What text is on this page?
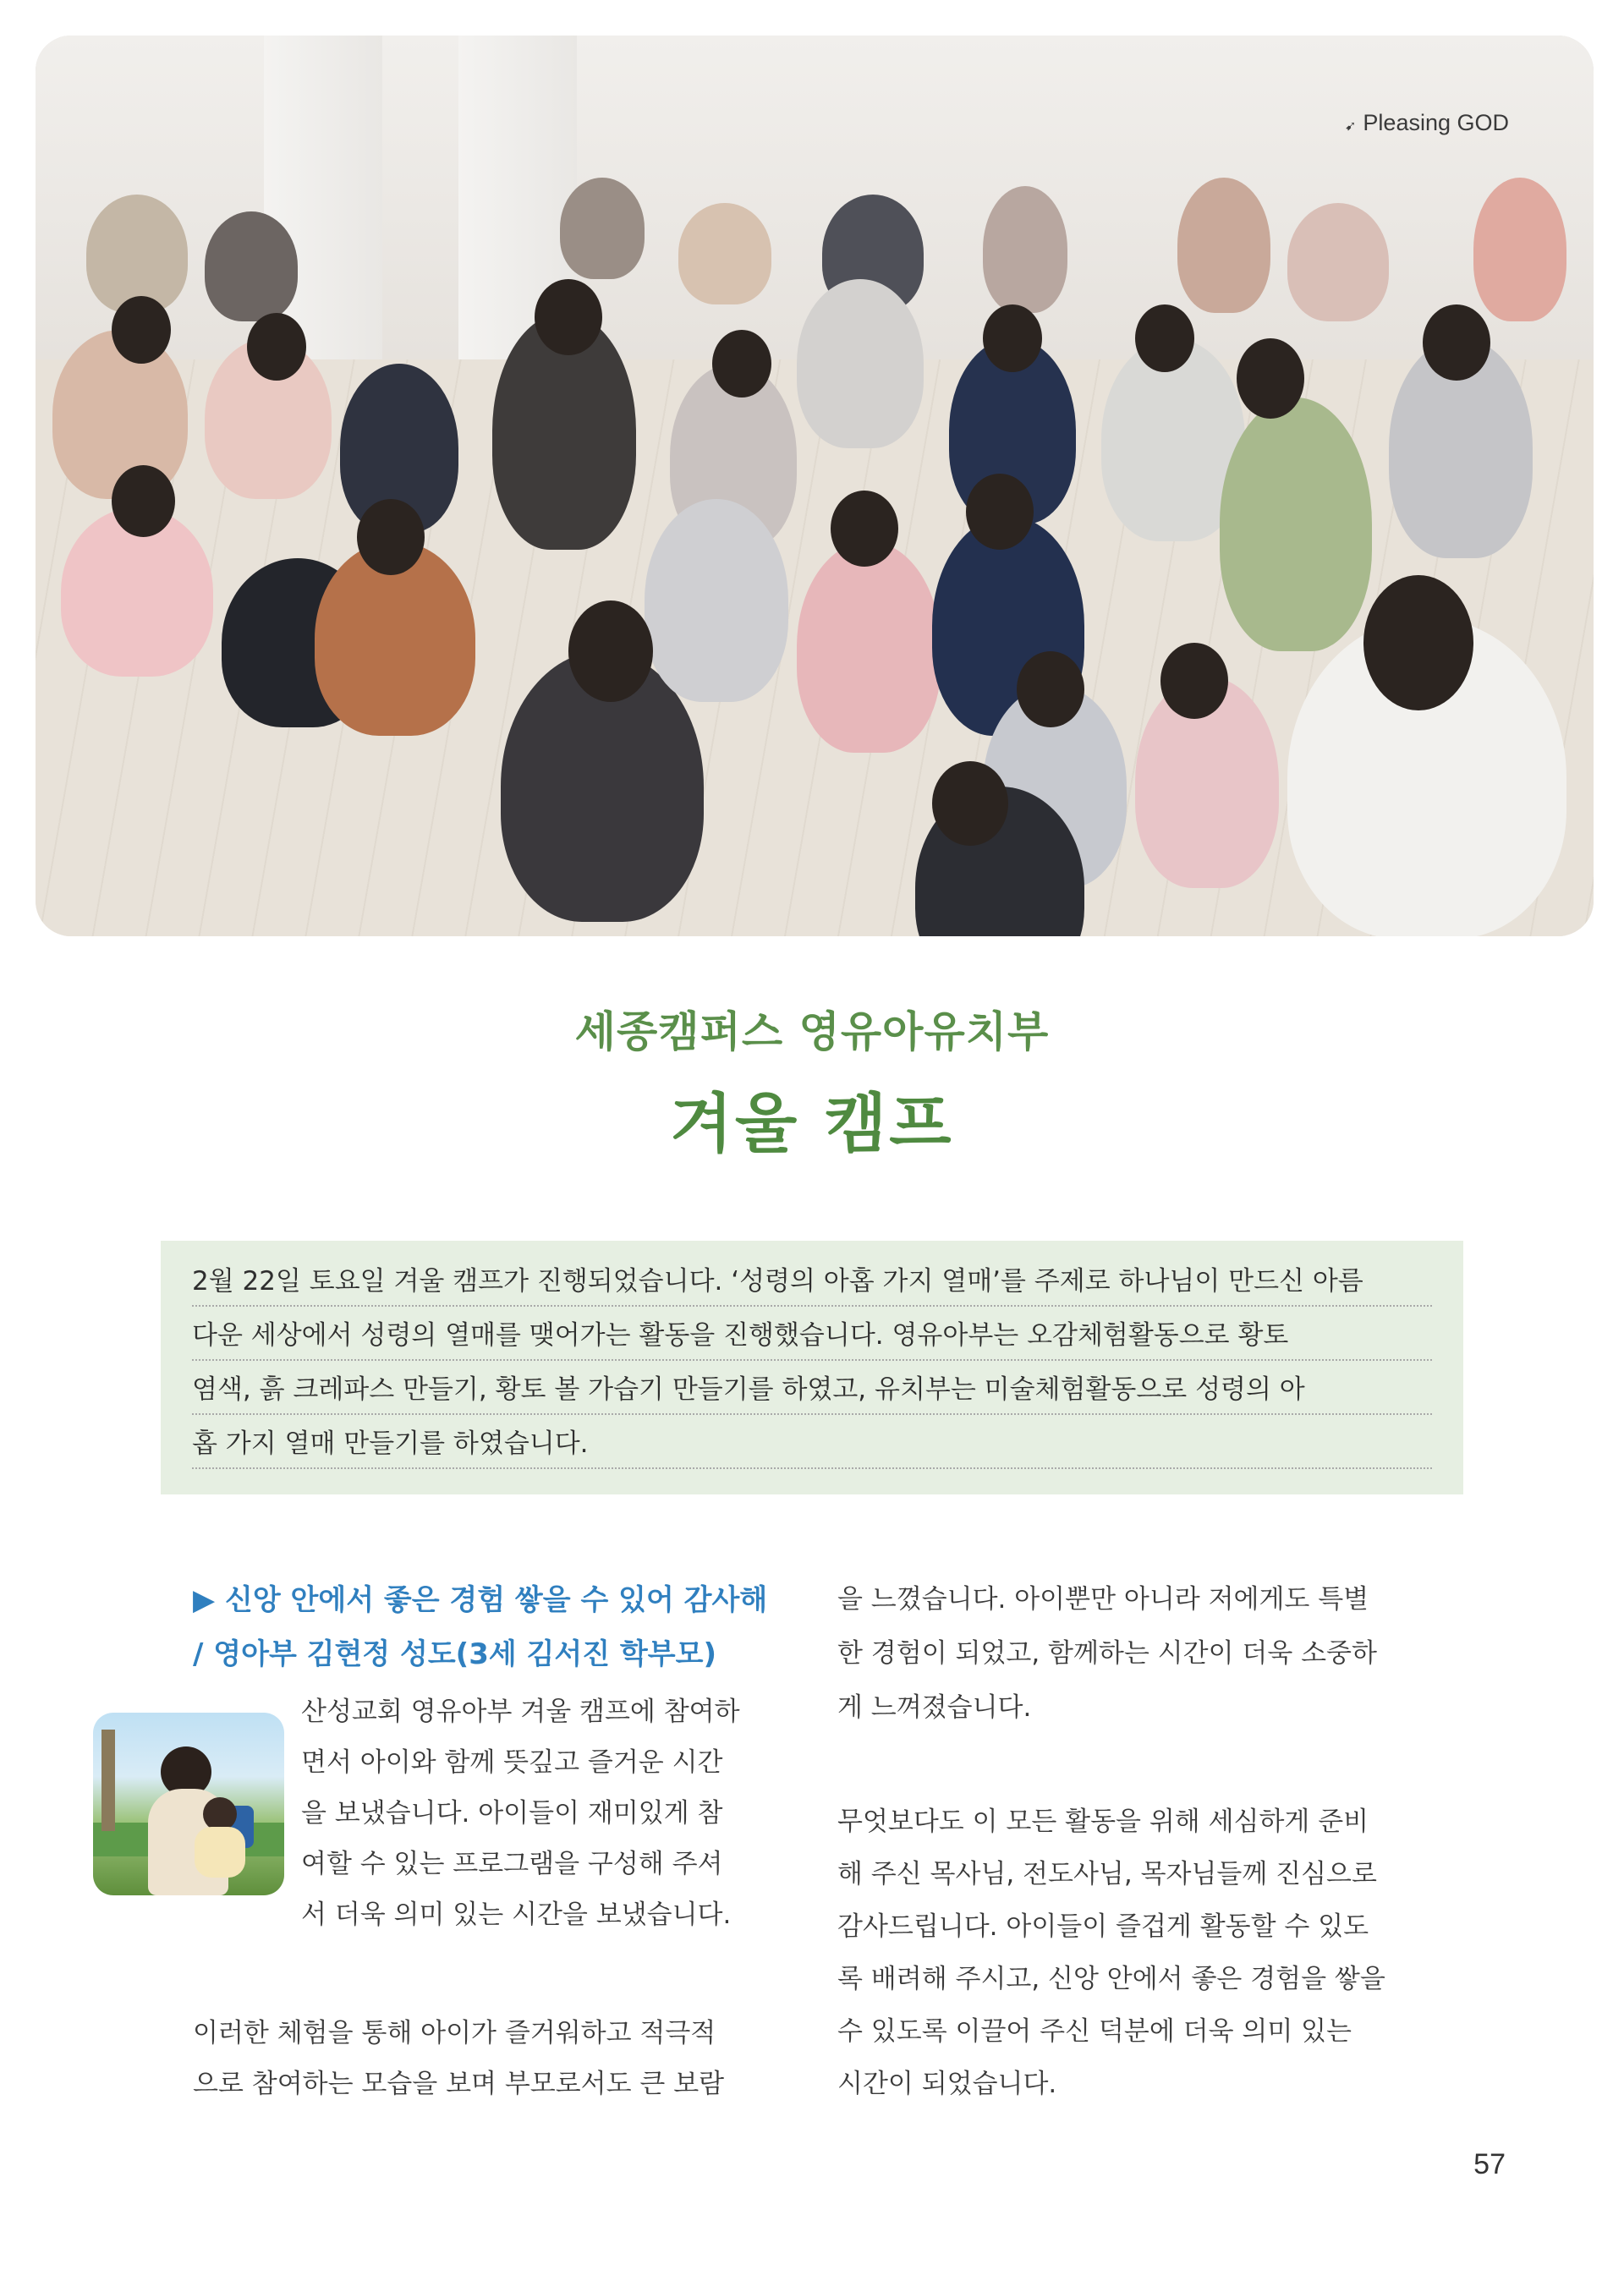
➹ Pleasing GOD
세종캠퍼스 영유아유치부
겨울 캠프
2월 22일 토요일 겨울 캠프가 진행되었습니다. ‘성령의 아홉 가지 열매’를 주제로 하나님이 만드신 아름
다운 세상에서 성령의 열매를 맺어가는 활동을 진행했습니다. 영유아부는 오감체험활동으로 황토
염색, 흙 크레파스 만들기, 황토 볼 가습기 만들기를 하였고, 유치부는 미술체험활동으로 성령의 아
홉 가지 열매 만들기를 하였습니다.
▶ 신앙 안에서 좋은 경험 쌓을 수 있어 감사해
/ 영아부 김현정 성도(3세 김서진 학부모)
산성교회 영유아부 겨울 캠프에 참여하
면서 아이와 함께 뜻깊고 즐거운 시간
을 보냈습니다. 아이들이 재미있게 참
여할 수 있는 프로그램을 구성해 주셔
서 더욱 의미 있는 시간을 보냈습니다.
이러한 체험을 통해 아이가 즐거워하고 적극적
으로 참여하는 모습을 보며 부모로서도 큰 보람
을 느꼈습니다. 아이뿐만 아니라 저에게도 특별
한 경험이 되었고, 함께하는 시간이 더욱 소중하
게 느껴졌습니다.
무엇보다도 이 모든 활동을 위해 세심하게 준비
해 주신 목사님, 전도사님, 목자님들께 진심으로
감사드립니다. 아이들이 즐겁게 활동할 수 있도
록 배려해 주시고, 신앙 안에서 좋은 경험을 쌓을
수 있도록 이끌어 주신 덕분에 더욱 의미 있는
시간이 되었습니다.
57
